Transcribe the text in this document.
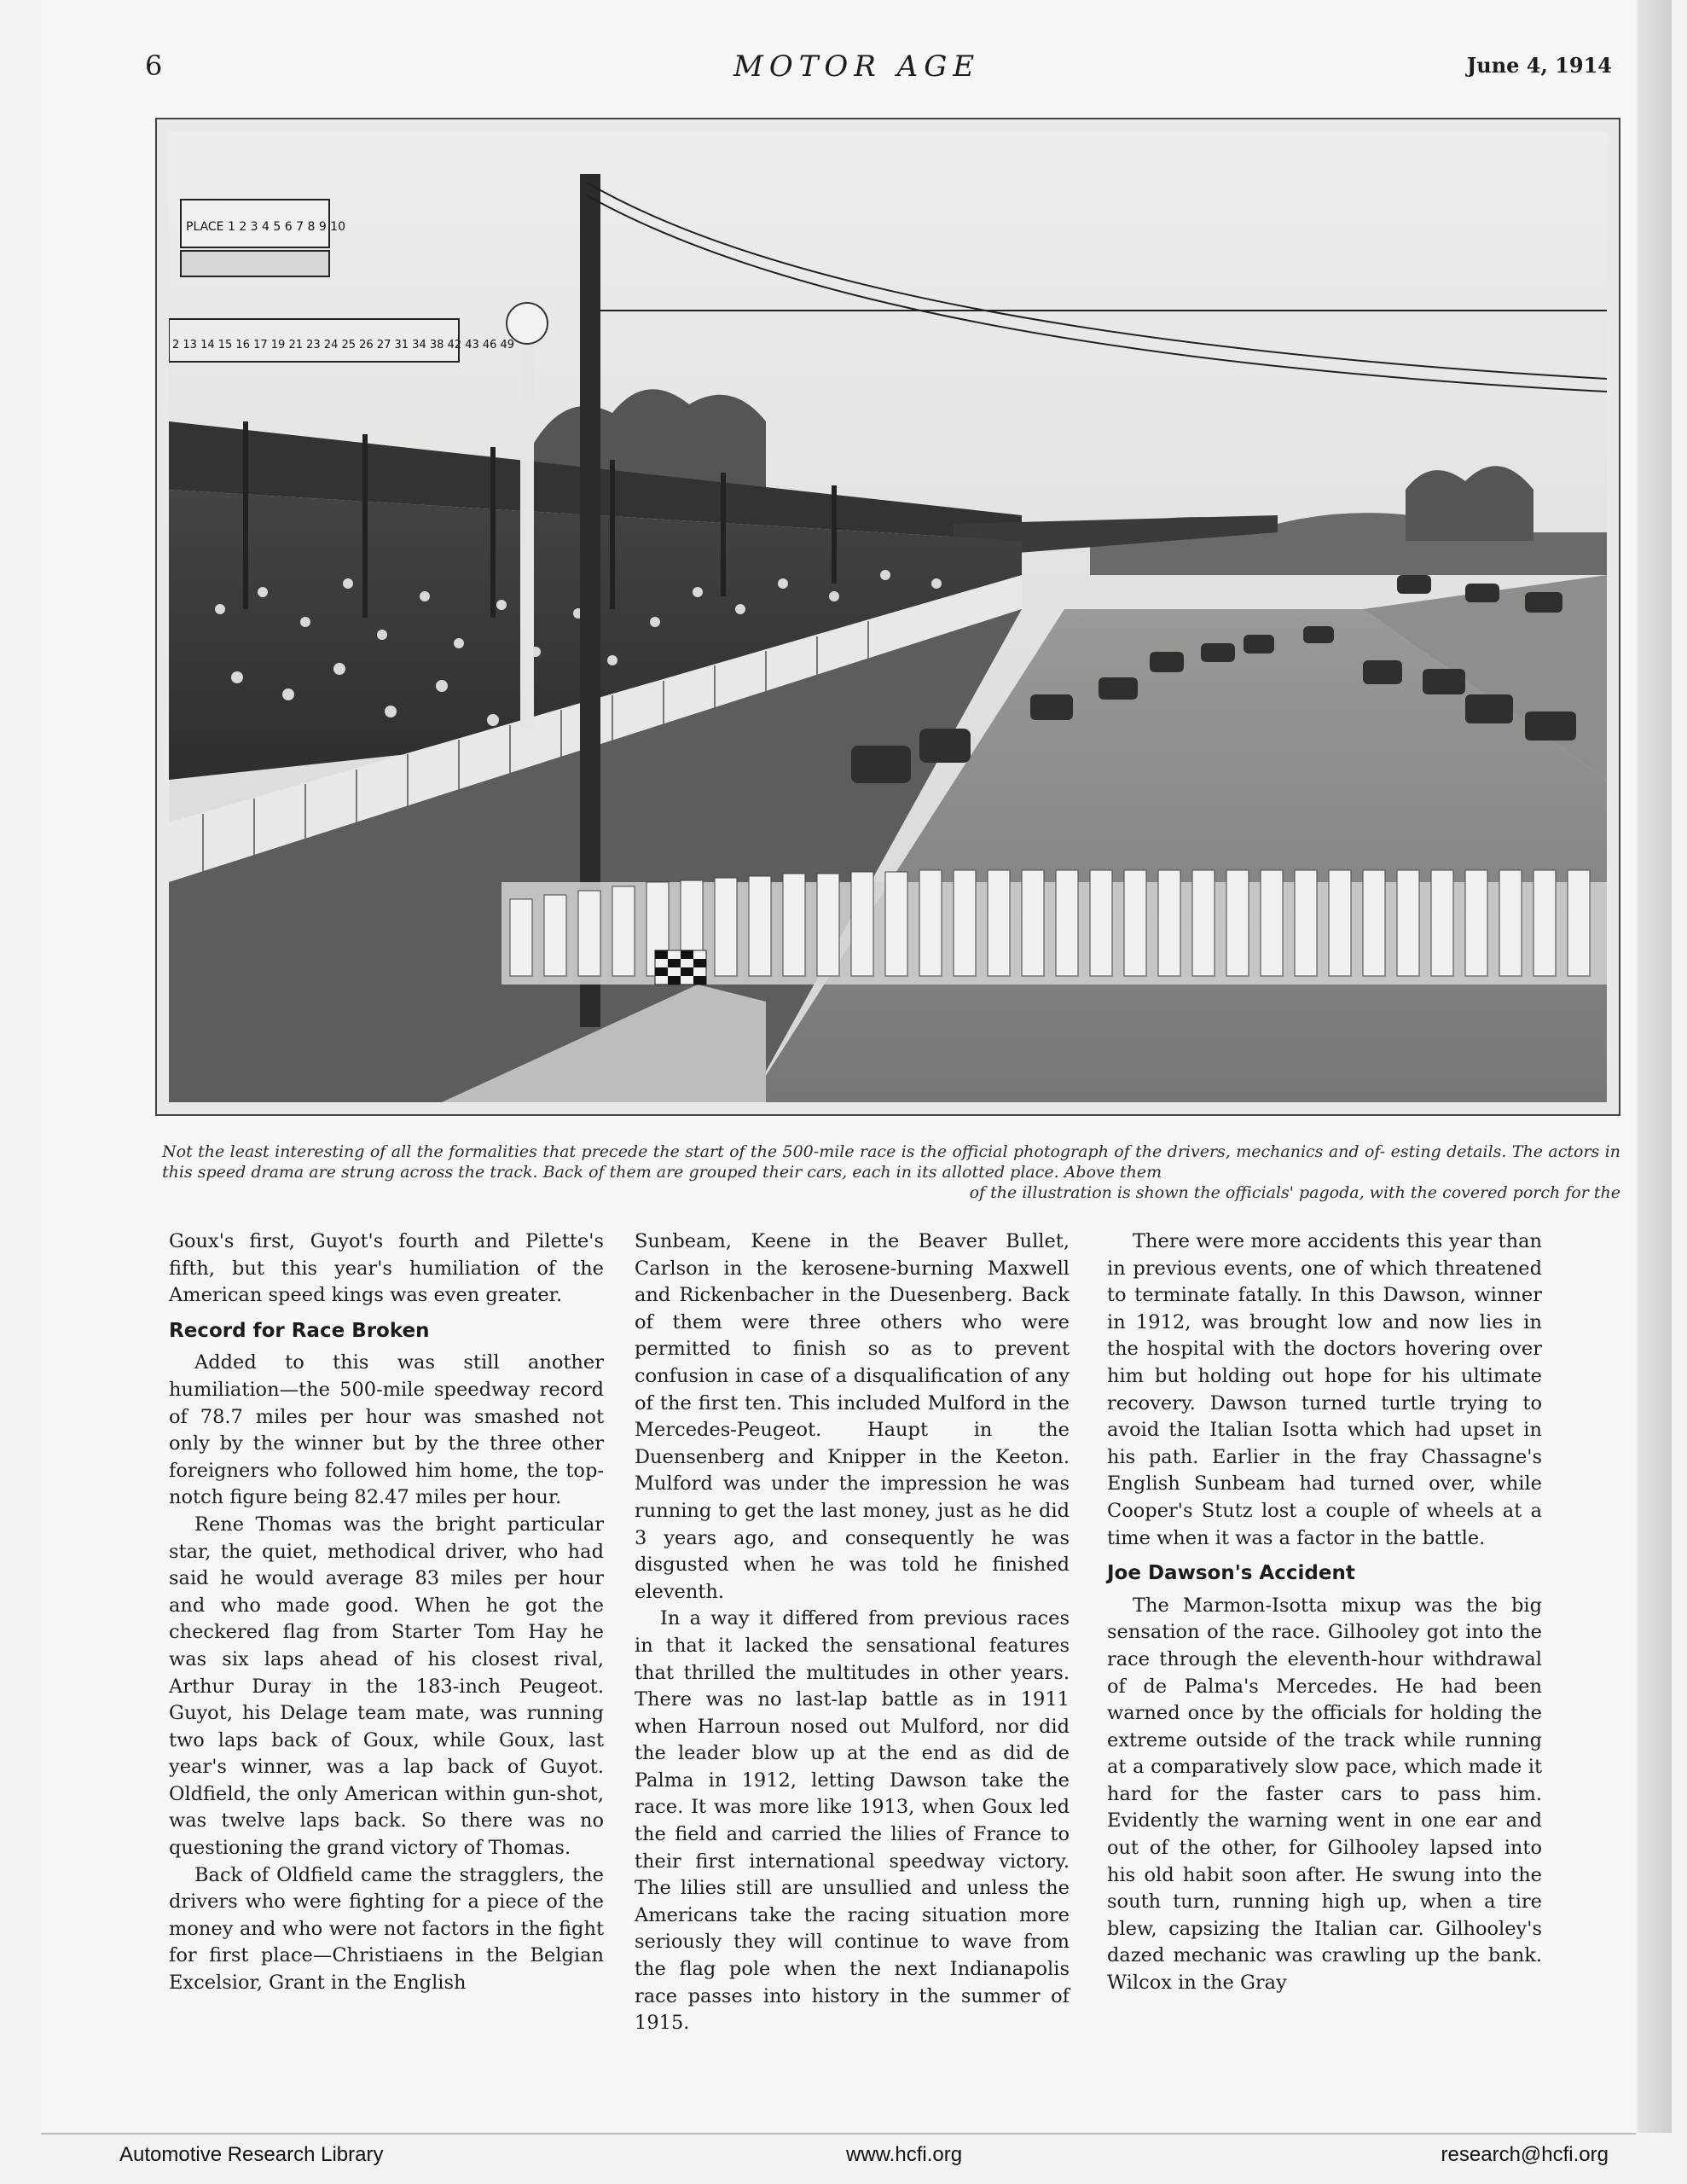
6	MOTOR AGE	June 4, 1914
PLACE 1 2 3 4 5 6 7 8 9 10
2 13 14 15 16 17 19 21 23 24 25 26 27 31 34 38 42 43 46 49
Not the least interesting of all the formalities that precede the start of the 500-mile race is the official photograph of the drivers, mechanics and of- esting details. The actors in this speed drama are strung across the track. Back of them are grouped their cars, each in its allotted place. Above them
of the illustration is shown the officials' pagoda, with the covered porch for the

Goux's first, Guyot's fourth and Pilette's fifth, but this year's humiliation of the American speed kings was even greater.

Record for Race Broken

Added to this was still another humiliation—the 500-mile speedway record of 78.7 miles per hour was smashed not only by the winner but by the three other foreigners who followed him home, the top-notch figure being 82.47 miles per hour.

Rene Thomas was the bright particular star, the quiet, methodical driver, who had said he would average 83 miles per hour and who made good. When he got the checkered flag from Starter Tom Hay he was six laps ahead of his closest rival, Arthur Duray in the 183-inch Peugeot. Guyot, his Delage team mate, was running two laps back of Goux, while Goux, last year's winner, was a lap back of Guyot. Oldfield, the only American within gun-shot, was twelve laps back. So there was no questioning the grand victory of Thomas.

Back of Oldfield came the stragglers, the drivers who were fighting for a piece of the money and who were not factors in the fight for first place—Christiaens in the Belgian Excelsior, Grant in the English

Sunbeam, Keene in the Beaver Bullet, Carlson in the kerosene-burning Maxwell and Rickenbacher in the Duesenberg. Back of them were three others who were permitted to finish so as to prevent confusion in case of a disqualification of any of the first ten. This included Mulford in the Mercedes-Peugeot. Haupt in the Duensenberg and Knipper in the Keeton. Mulford was under the impression he was running to get the last money, just as he did 3 years ago, and consequently he was disgusted when he was told he finished eleventh.

In a way it differed from previous races in that it lacked the sensational features that thrilled the multitudes in other years. There was no last-lap battle as in 1911 when Harroun nosed out Mulford, nor did the leader blow up at the end as did de Palma in 1912, letting Dawson take the race. It was more like 1913, when Goux led the field and carried the lilies of France to their first international speedway victory. The lilies still are unsullied and unless the Americans take the racing situation more seriously they will continue to wave from the flag pole when the next Indianapolis race passes into history in the summer of 1915.

There were more accidents this year than in previous events, one of which threatened to terminate fatally. In this Dawson, winner in 1912, was brought low and now lies in the hospital with the doctors hovering over him but holding out hope for his ultimate recovery. Dawson turned turtle trying to avoid the Italian Isotta which had upset in his path. Earlier in the fray Chassagne's English Sunbeam had turned over, while Cooper's Stutz lost a couple of wheels at a time when it was a factor in the battle.

Joe Dawson's Accident

The Marmon-Isotta mixup was the big sensation of the race. Gilhooley got into the race through the eleventh-hour withdrawal of de Palma's Mercedes. He had been warned once by the officials for holding the extreme outside of the track while running at a comparatively slow pace, which made it hard for the faster cars to pass him. Evidently the warning went in one ear and out of the other, for Gilhooley lapsed into his old habit soon after. He swung into the south turn, running high up, when a tire blew, capsizing the Italian car. Gilhooley's dazed mechanic was crawling up the bank. Wilcox in the Gray

Automotive Research Library	www.hcfi.org	research@hcfi.org
